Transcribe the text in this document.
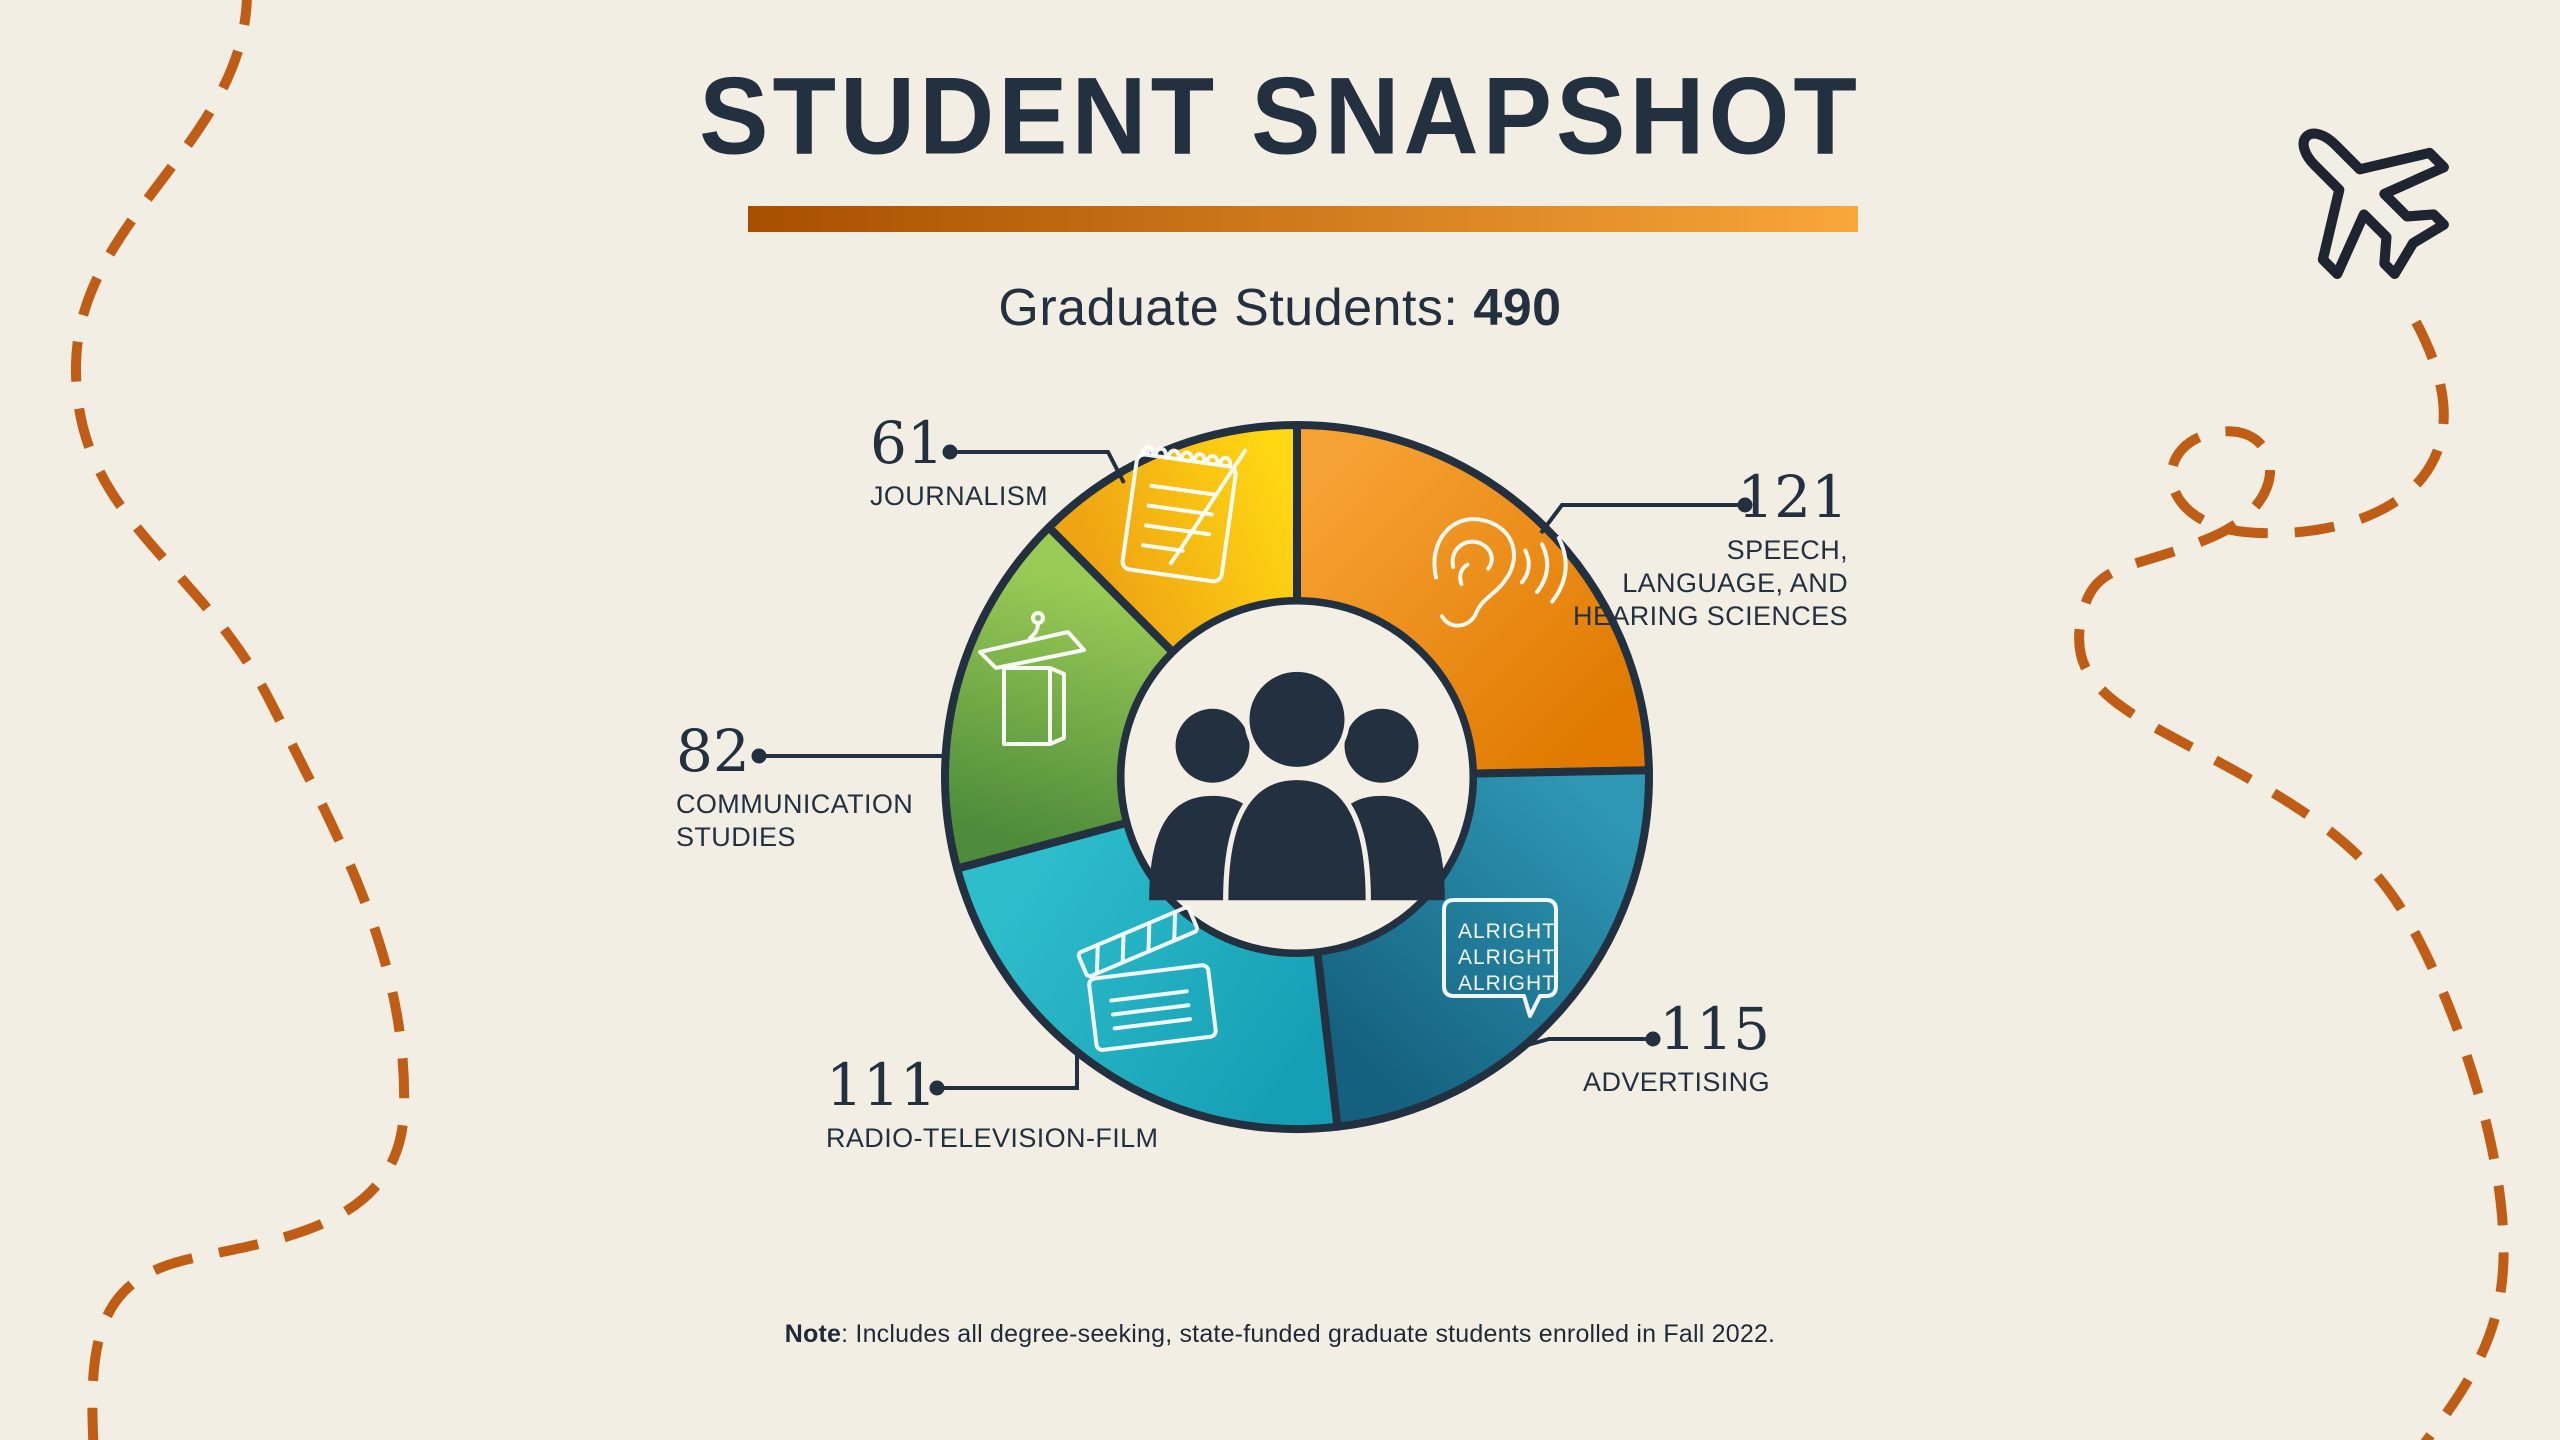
ALRIGHT
ALRIGHT
ALRIGHT
STUDENT SNAPSHOT
Graduate Students: 490
61
JOURNALISM	121
SPEECH, LANGUAGE, AND HEARING SCIENCES
82
COMMUNICATION STUDIES
115
ADVERTISING
111
RADIO-TELEVISION-FILM
Note: Includes all degree-seeking, state-funded graduate students enrolled in Fall 2022.
